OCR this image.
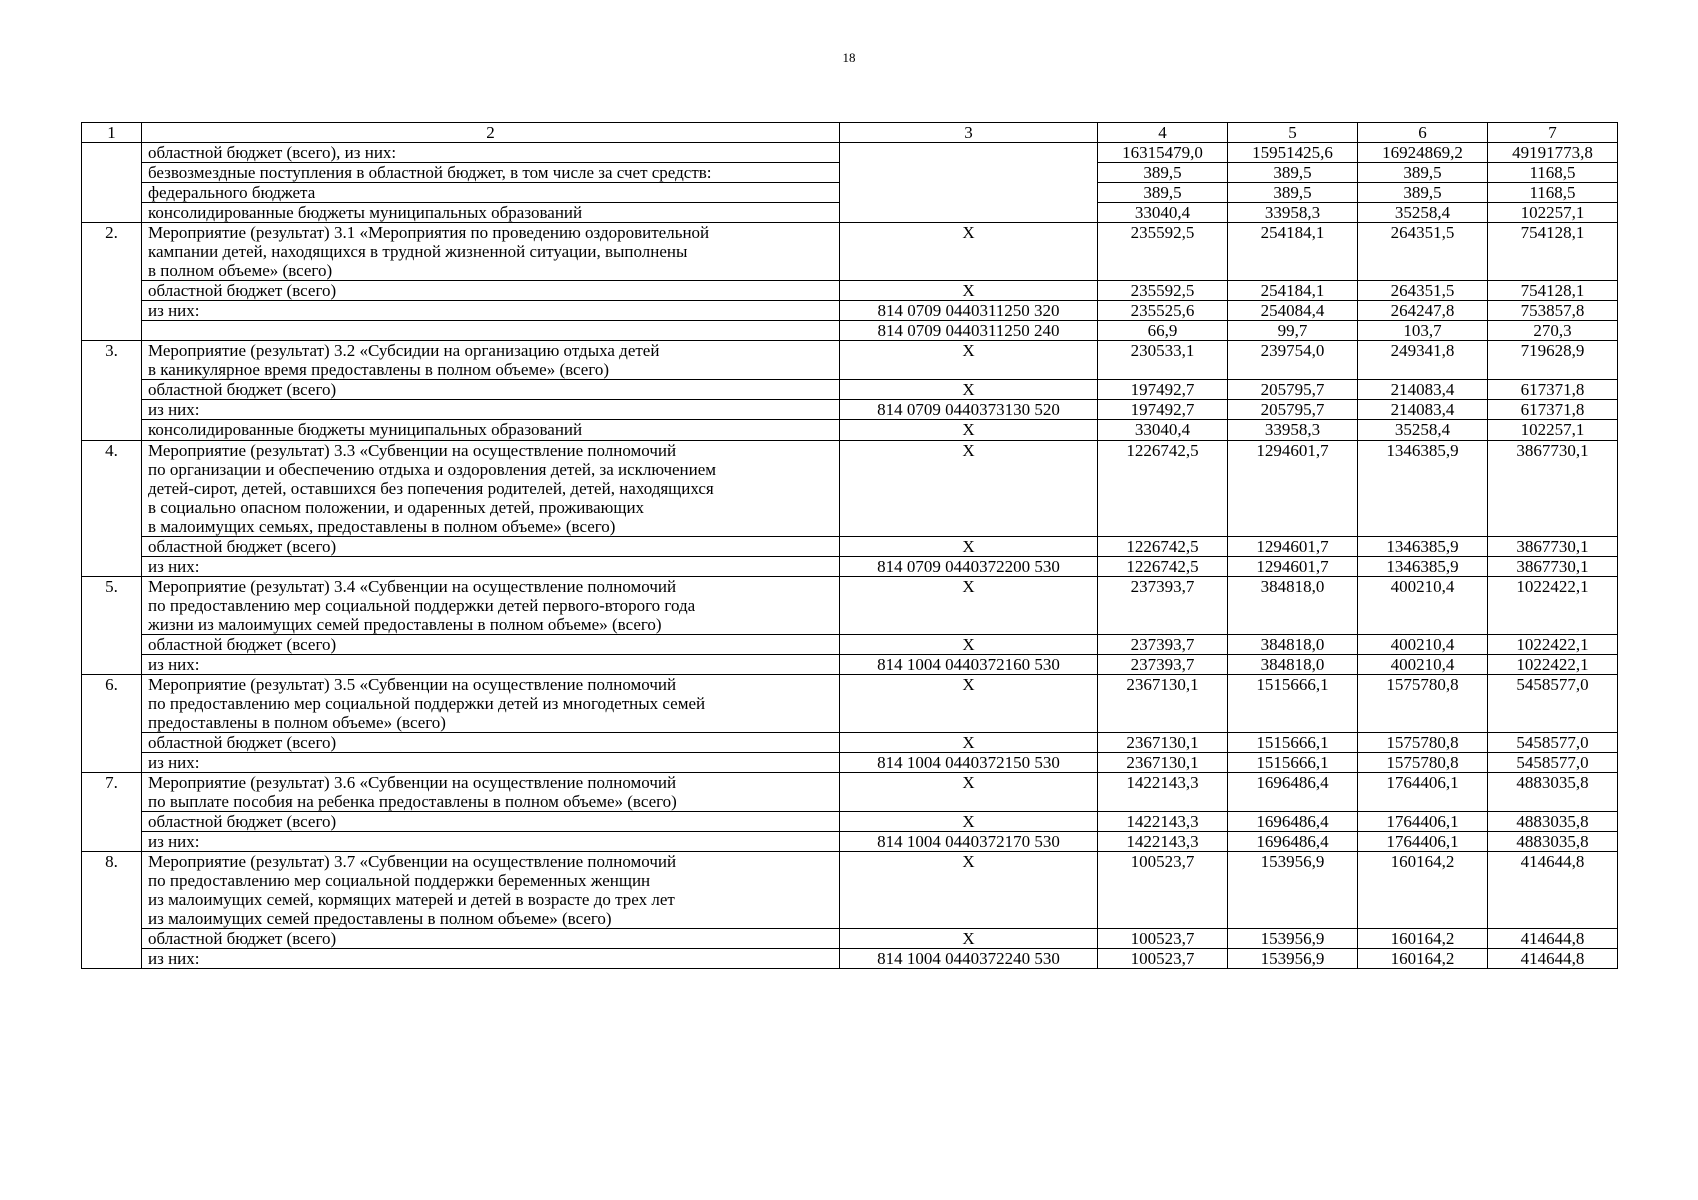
18
1	2	3	4	5	6	7
	областной бюджет (всего), из них:		16315479,0	15951425,6	16924869,2	49191773,8
	безвозмездные поступления в областной бюджет, в том числе за счет средств:		389,5	389,5	389,5	1168,5
	федерального бюджета		389,5	389,5	389,5	1168,5
	консолидированные бюджеты муниципальных образований		33040,4	33958,3	35258,4	102257,1
2.	Мероприятие (результат) 3.1 «Мероприятия по проведению оздоровительной
кампании детей, находящихся в трудной жизненной ситуации, выполнены
в полном объеме» (всего)	X	235592,5	254184,1	264351,5	754128,1
	областной бюджет (всего)	X	235592,5	254184,1	264351,5	754128,1
	из них:	814 0709 0440311250 320	235525,6	254084,4	264247,8	753857,8
		814 0709 0440311250 240	66,9	99,7	103,7	270,3
3.	Мероприятие (результат) 3.2 «Субсидии на организацию отдыха детей
в каникулярное время предоставлены в полном объеме» (всего)	X	230533,1	239754,0	249341,8	719628,9
	областной бюджет (всего)	X	197492,7	205795,7	214083,4	617371,8
	из них:	814 0709 0440373130 520	197492,7	205795,7	214083,4	617371,8
	консолидированные бюджеты муниципальных образований	X	33040,4	33958,3	35258,4	102257,1
4.	Мероприятие (результат) 3.3 «Субвенции на осуществление полномочий
по организации и обеспечению отдыха и оздоровления детей, за исключением
детей-сирот, детей, оставшихся без попечения родителей, детей, находящихся
в социально опасном положении, и одаренных детей, проживающих
в малоимущих семьях, предоставлены в полном объеме» (всего)	X	1226742,5	1294601,7	1346385,9	3867730,1
	областной бюджет (всего)	X	1226742,5	1294601,7	1346385,9	3867730,1
	из них:	814 0709 0440372200 530	1226742,5	1294601,7	1346385,9	3867730,1
5.	Мероприятие (результат) 3.4 «Субвенции на осуществление полномочий
по предоставлению мер социальной поддержки детей первого-второго года
жизни из малоимущих семей предоставлены в полном объеме» (всего)	X	237393,7	384818,0	400210,4	1022422,1
	областной бюджет (всего)	X	237393,7	384818,0	400210,4	1022422,1
	из них:	814 1004 0440372160 530	237393,7	384818,0	400210,4	1022422,1
6.	Мероприятие (результат) 3.5 «Субвенции на осуществление полномочий
по предоставлению мер социальной поддержки детей из многодетных семей
предоставлены в полном объеме» (всего)	X	2367130,1	1515666,1	1575780,8	5458577,0
	областной бюджет (всего)	X	2367130,1	1515666,1	1575780,8	5458577,0
	из них:	814 1004 0440372150 530	2367130,1	1515666,1	1575780,8	5458577,0
7.	Мероприятие (результат) 3.6 «Субвенции на осуществление полномочий
по выплате пособия на ребенка предоставлены в полном объеме» (всего)	X	1422143,3	1696486,4	1764406,1	4883035,8
	областной бюджет (всего)	X	1422143,3	1696486,4	1764406,1	4883035,8
	из них:	814 1004 0440372170 530	1422143,3	1696486,4	1764406,1	4883035,8
8.	Мероприятие (результат) 3.7 «Субвенции на осуществление полномочий
по предоставлению мер социальной поддержки беременных женщин
из малоимущих семей, кормящих матерей и детей в возрасте до трех лет
из малоимущих семей предоставлены в полном объеме» (всего)	X	100523,7	153956,9	160164,2	414644,8
	областной бюджет (всего)	X	100523,7	153956,9	160164,2	414644,8
	из них:	814 1004 0440372240 530	100523,7	153956,9	160164,2	414644,8
